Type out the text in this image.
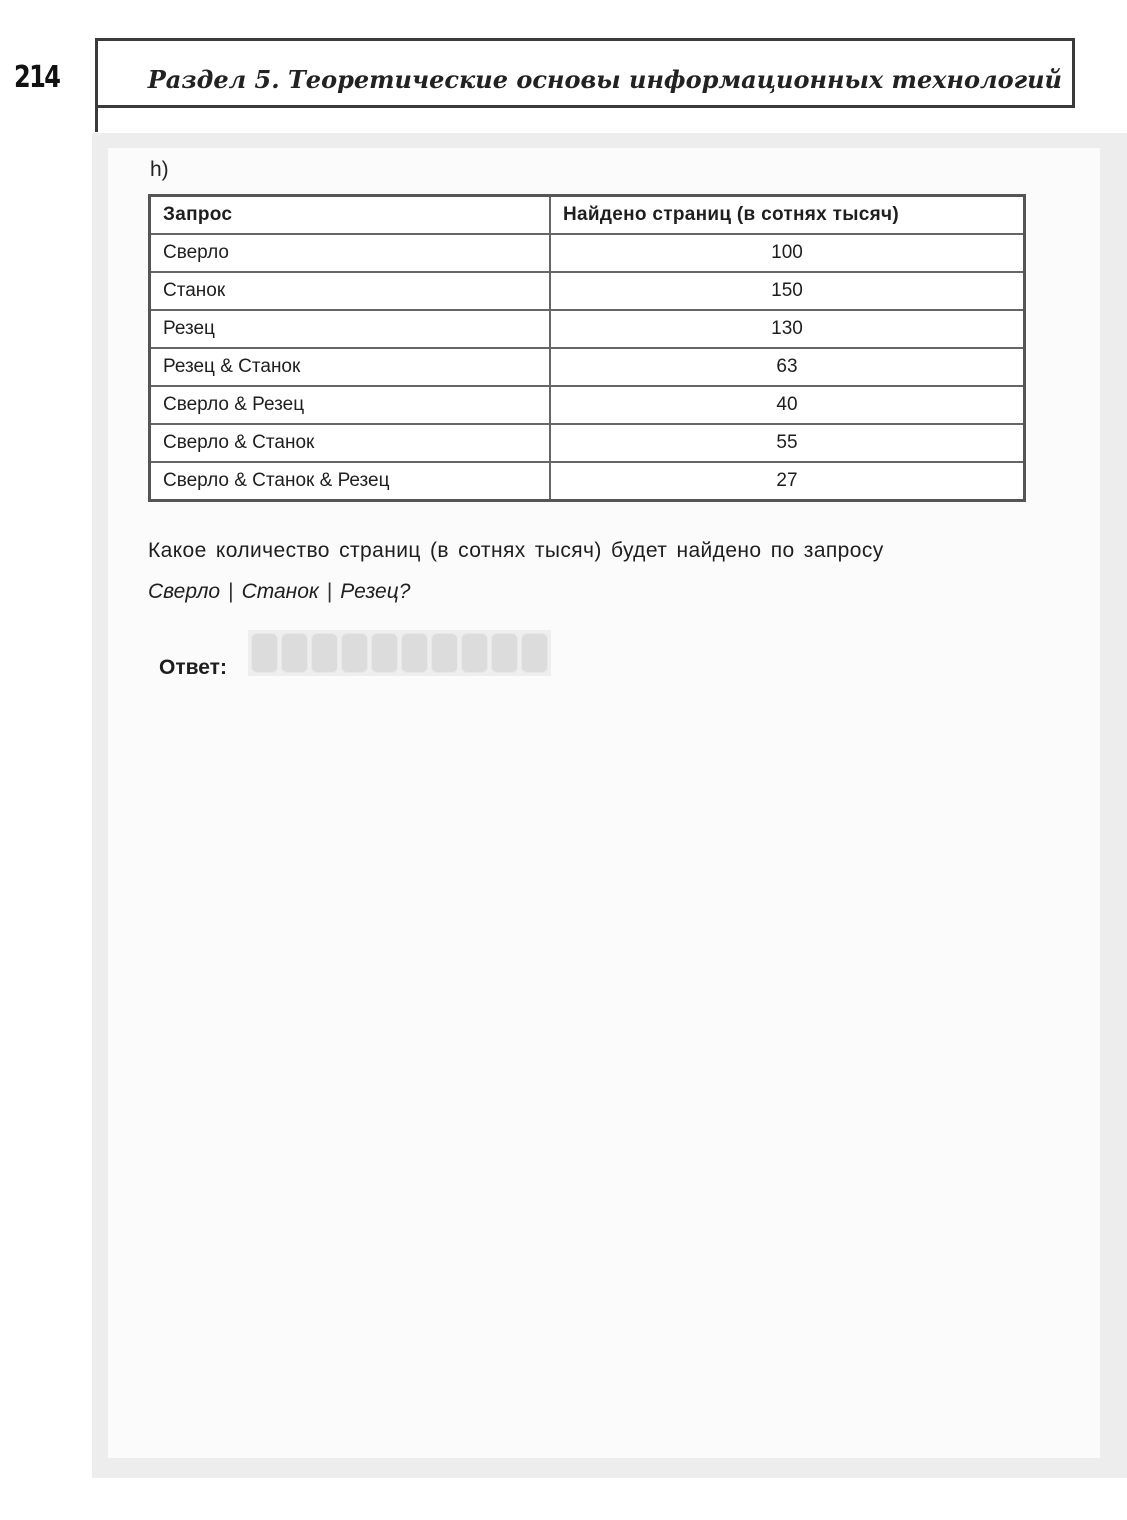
214	Раздел 5. Теоретические основы информационных технологий
h)
Запрос	Найдено страниц (в сотнях тысяч)
Сверло	100
Станок	150
Резец	130
Резец & Станок	63
Сверло & Резец	40
Сверло & Станок	55
Сверло & Станок & Резец	27
Какое количество страниц (в сотнях тысяч) будет найдено по запросу
Сверло | Станок | Резец?
Ответ:
